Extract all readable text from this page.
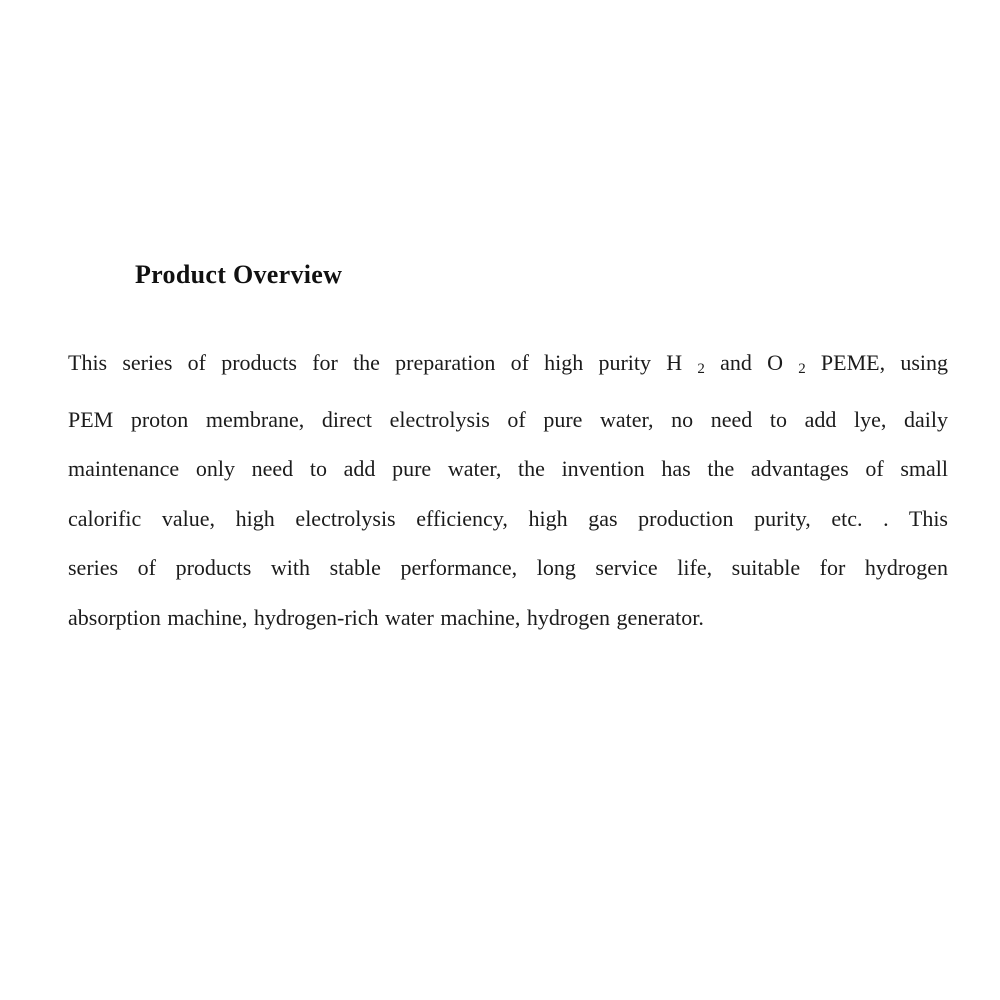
Product Overview
This series of products for the preparation of high purity H $_2$ and O $_2$ PEME, using
PEM proton membrane, direct electrolysis of pure water, no need to add lye, daily
maintenance only need to add pure water, the invention has the advantages of small
calorific value, high electrolysis efficiency, high gas production purity, etc. . This
series of products with stable performance, long service life, suitable for hydrogen
absorption machine, hydrogen-rich water machine, hydrogen generator.
